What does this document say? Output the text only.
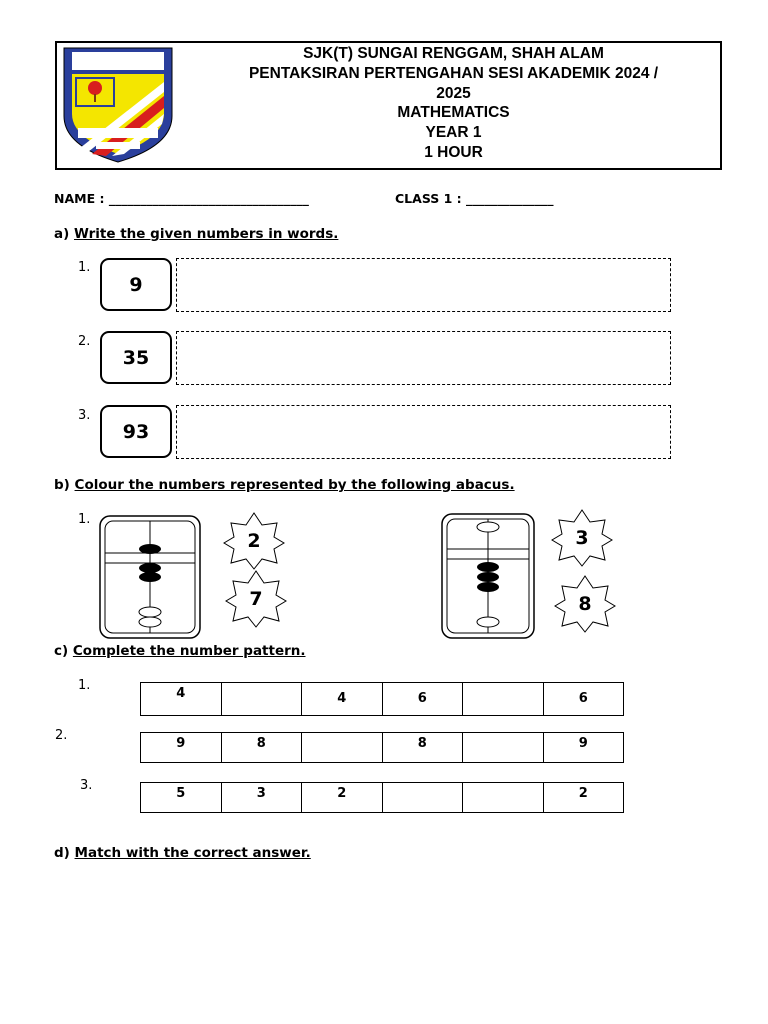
SJK(T) SUNGAI RENGGAM, SHAH ALAM
PENTAKSIRAN PERTENGAHAN SESI AKADEMIK 2024 /
2025
MATHEMATICS
YEAR 1
1 HOUR
NAME : ________________________________	CLASS 1 : ______________
a) Write the given numbers in words.
1.
9
2.
35
3.
93
b) Colour the numbers represented by the following abacus.
1.
2
7
3
8
c) Complete the number pattern.
1.
4		4	6		6
2.
9	8		8		9
3.
5	3	2			2
d) Match with the correct answer.
